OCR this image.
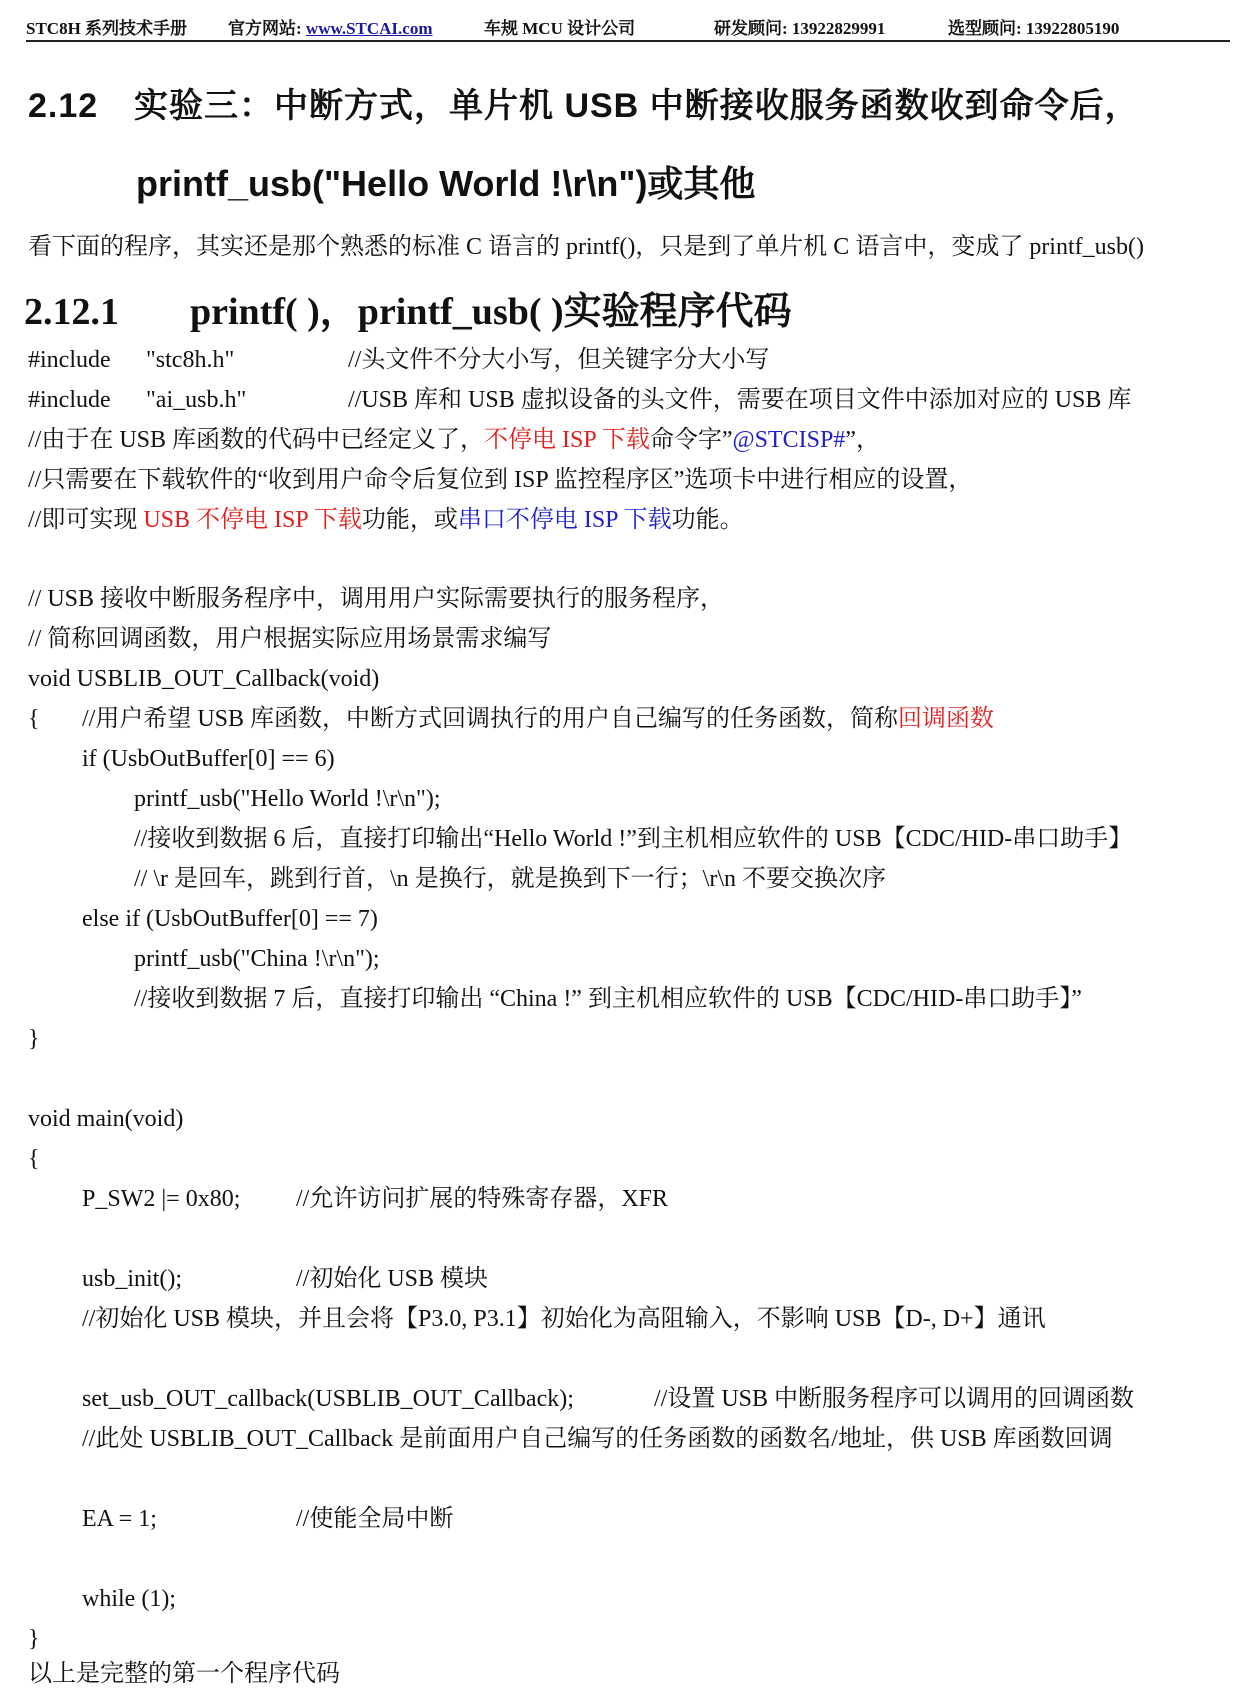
STC8H 系列技术手册 官方网站: www.STCAI.com	车规 MCU 设计公司	研发顾问: 13922829991	选型顾问: 13922805190
2.12 实验三：中断方式，单片机 USB 中断接收服务函数收到命令后，
printf_usb("Hello World !\r\n")或其他
看下面的程序，其实还是那个熟悉的标准 C 语言的 printf()，只是到了单片机 C 语言中，变成了 printf_usb()
2.12.1 printf( )，printf_usb( )实验程序代码
#include "stc8h.h"	//头文件不分大小写，但关键字分大小写
#include "ai_usb.h"	//USB 库和 USB 虚拟设备的头文件，需要在项目文件中添加对应的 USB 库
//由于在 USB 库函数的代码中已经定义了，不停电 ISP 下载命令字”@STCISP#”，
//只需要在下载软件的“收到用户命令后复位到 ISP 监控程序区”选项卡中进行相应的设置，
//即可实现 USB 不停电 ISP 下载功能，或串口不停电 ISP 下载功能。
// USB 接收中断服务程序中，调用用户实际需要执行的服务程序，
// 简称回调函数，用户根据实际应用场景需求编写
void USBLIB_OUT_Callback(void)
{ //用户希望 USB 库函数，中断方式回调执行的用户自己编写的任务函数，简称回调函数
if (UsbOutBuffer[0] == 6)
printf_usb("Hello World !\r\n");
//接收到数据 6 后，直接打印输出“Hello World !”到主机相应软件的 USB【CDC/HID-串口助手】
// \r 是回车，跳到行首，\n 是换行，就是换到下一行；\r\n 不要交换次序
else if (UsbOutBuffer[0] == 7)
printf_usb("China !\r\n");
//接收到数据 7 后，直接打印输出 “China !” 到主机相应软件的 USB【CDC/HID-串口助手】”
}
void main(void)
{
P_SW2 |= 0x80; //允许访问扩展的特殊寄存器，XFR
usb_init();	//初始化 USB 模块
//初始化 USB 模块，并且会将【P3.0, P3.1】初始化为高阻输入，不影响 USB【D-, D+】通讯
set_usb_OUT_callback(USBLIB_OUT_Callback);	//设置 USB 中断服务程序可以调用的回调函数
//此处 USBLIB_OUT_Callback 是前面用户自己编写的任务函数的函数名/地址，供 USB 库函数回调
EA = 1;	//使能全局中断
while (1);
}
以上是完整的第一个程序代码
